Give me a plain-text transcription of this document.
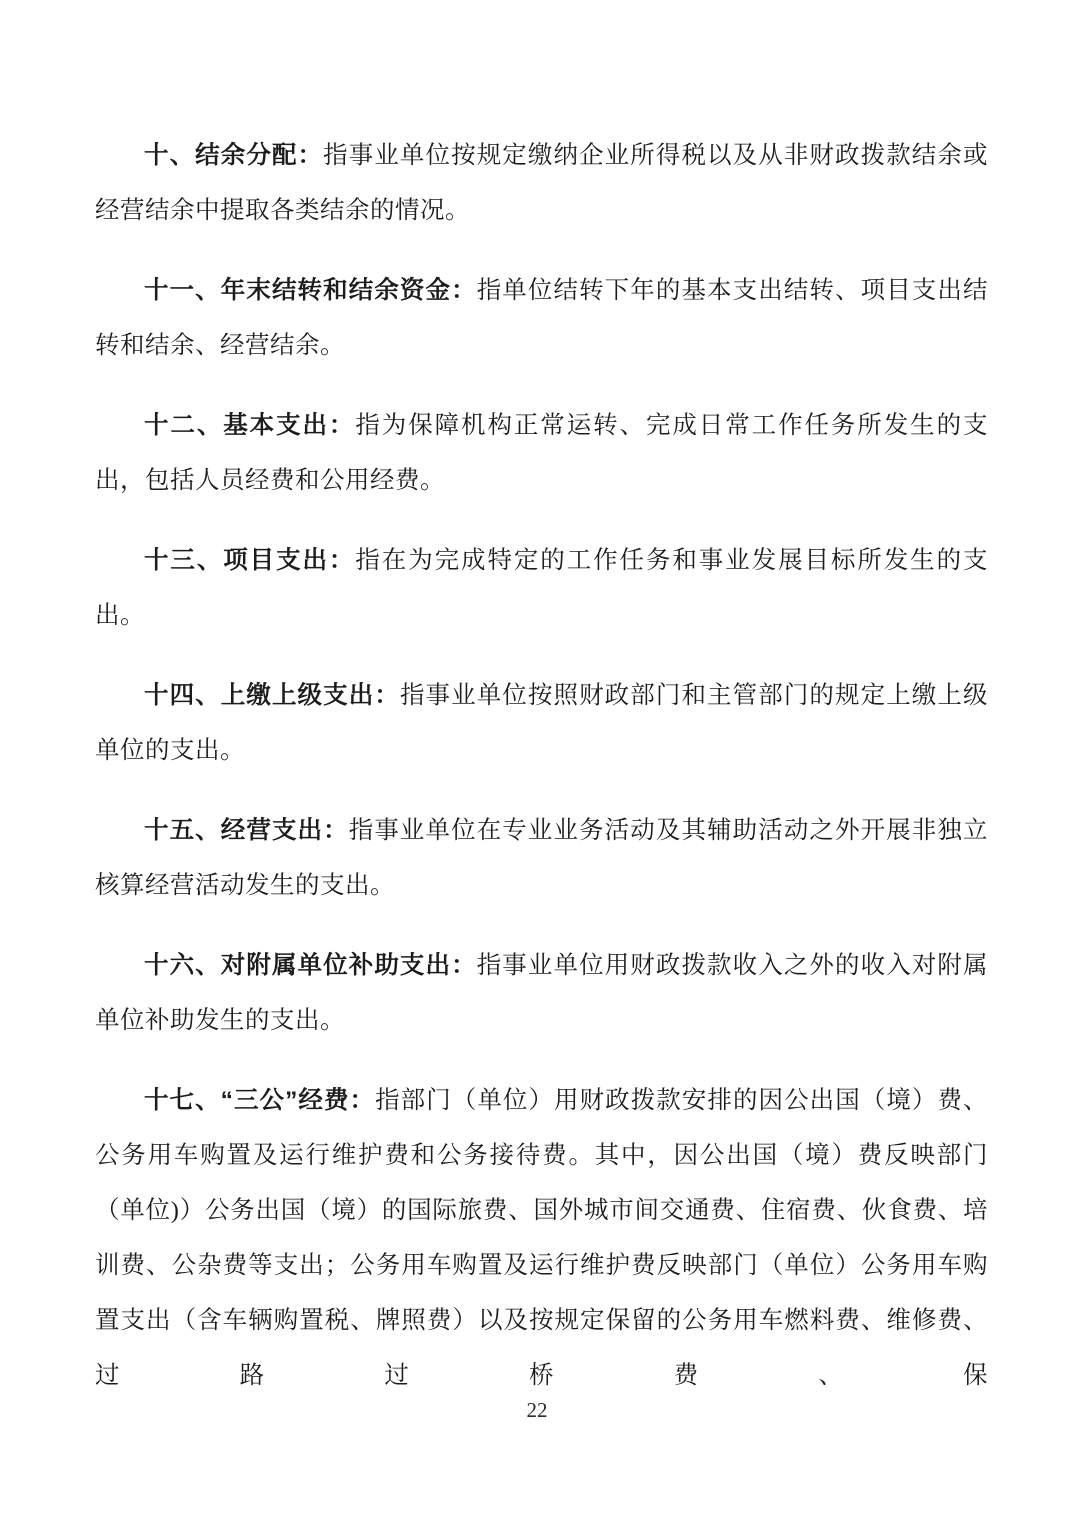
十、结余分配：指事业单位按规定缴纳企业所得税以及从非财政拨款结余或经营结余中提取各类结余的情况。

十一、年末结转和结余资金：指单位结转下年的基本支出结转、项目支出结转和结余、经营结余。

十二、基本支出：指为保障机构正常运转、完成日常工作任务所发生的支出，包括人员经费和公用经费。

十三、项目支出：指在为完成特定的工作任务和事业发展目标所发生的支出。

十四、上缴上级支出：指事业单位按照财政部门和主管部门的规定上缴上级单位的支出。

十五、经营支出：指事业单位在专业业务活动及其辅助活动之外开展非独立核算经营活动发生的支出。

十六、对附属单位补助支出：指事业单位用财政拨款收入之外的收入对附属单位补助发生的支出。

十七、“三公”经费：指部门（单位）用财政拨款安排的因公出国（境）费、公务用车购置及运行维护费和公务接待费。其中，因公出国（境）费反映部门（单位)）公务出国（境）的国际旅费、国外城市间交通费、住宿费、伙食费、培训费、公杂费等支出；公务用车购置及运行维护费反映部门（单位）公务用车购置支出（含车辆购置税、牌照费）以及按规定保留的公务用车燃料费、维修费、过路过桥费、保

22
